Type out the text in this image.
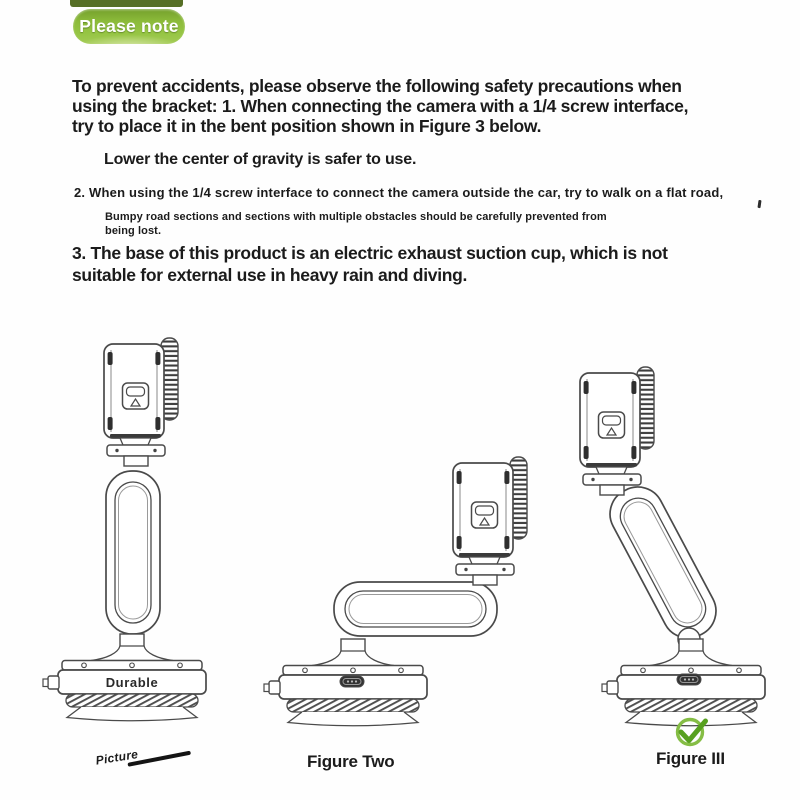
Please note
To prevent accidents, please observe the following safety precautions when
using the bracket: 1. When connecting the camera with a 1/4 screw interface,
try to place it in the bent position shown in Figure 3 below.
Lower the center of gravity is safer to use.
2. When using the 1/4 screw interface to connect the camera outside the car, try to walk on a flat road,
Bumpy road sections and sections with multiple obstacles should be carefully prevented from
being lost.
3. The base of this product is an electric exhaust suction cup, which is not
suitable for external use in heavy rain and diving.
Durable
Picture	Figure Two	Figure III
